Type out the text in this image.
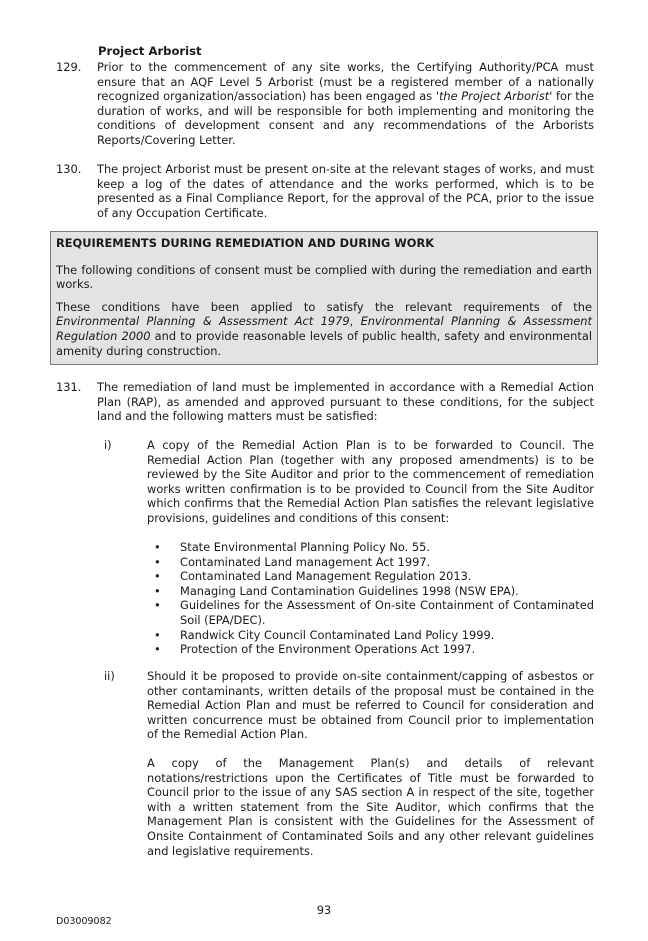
Project Arborist
129.	Prior to the commencement of any site works, the Certifying Authority/PCA must ensure that an AQF Level 5 Arborist (must be a registered member of a nationally recognized organization/association) has been engaged as 'the Project Arborist' for the duration of works, and will be responsible for both implementing and monitoring the conditions of development consent and any recommendations of the Arborists Reports/Covering Letter.
130.	The project Arborist must be present on-site at the relevant stages of works, and must keep a log of the dates of attendance and the works performed, which is to be presented as a Final Compliance Report, for the approval of the PCA, prior to the issue of any Occupation Certificate.
REQUIREMENTS DURING REMEDIATION AND DURING WORK

The following conditions of consent must be complied with during the remediation and earth works.

These conditions have been applied to satisfy the relevant requirements of the Environmental Planning & Assessment Act 1979, Environmental Planning & Assessment Regulation 2000 and to provide reasonable levels of public health, safety and environmental amenity during construction.

131.	The remediation of land must be implemented in accordance with a Remedial Action Plan (RAP), as amended and approved pursuant to these conditions, for the subject land and the following matters must be satisfied:
i)	A copy of the Remedial Action Plan is to be forwarded to Council. The Remedial Action Plan (together with any proposed amendments) is to be reviewed by the Site Auditor and prior to the commencement of remediation works written confirmation is to be provided to Council from the Site Auditor which confirms that the Remedial Action Plan satisfies the relevant legislative provisions, guidelines and conditions of this consent:
• State Environmental Planning Policy No. 55.
• Contaminated Land management Act 1997.
• Contaminated Land Management Regulation 2013.
• Managing Land Contamination Guidelines 1998 (NSW EPA).
• Guidelines for the Assessment of On-site Containment of Contaminated Soil (EPA/DEC).
• Randwick City Council Contaminated Land Policy 1999.
• Protection of the Environment Operations Act 1997.
ii)	Should it be proposed to provide on-site containment/capping of asbestos or other contaminants, written details of the proposal must be contained in the Remedial Action Plan and must be referred to Council for consideration and written concurrence must be obtained from Council prior to implementation of the Remedial Action Plan.
A copy of the Management Plan(s) and details of relevant notations/restrictions upon the Certificates of Title must be forwarded to Council prior to the issue of any SAS section A in respect of the site, together with a written statement from the Site Auditor, which confirms that the Management Plan is consistent with the Guidelines for the Assessment of Onsite Containment of Contaminated Soils and any other relevant guidelines and legislative requirements.
93
D03009082
